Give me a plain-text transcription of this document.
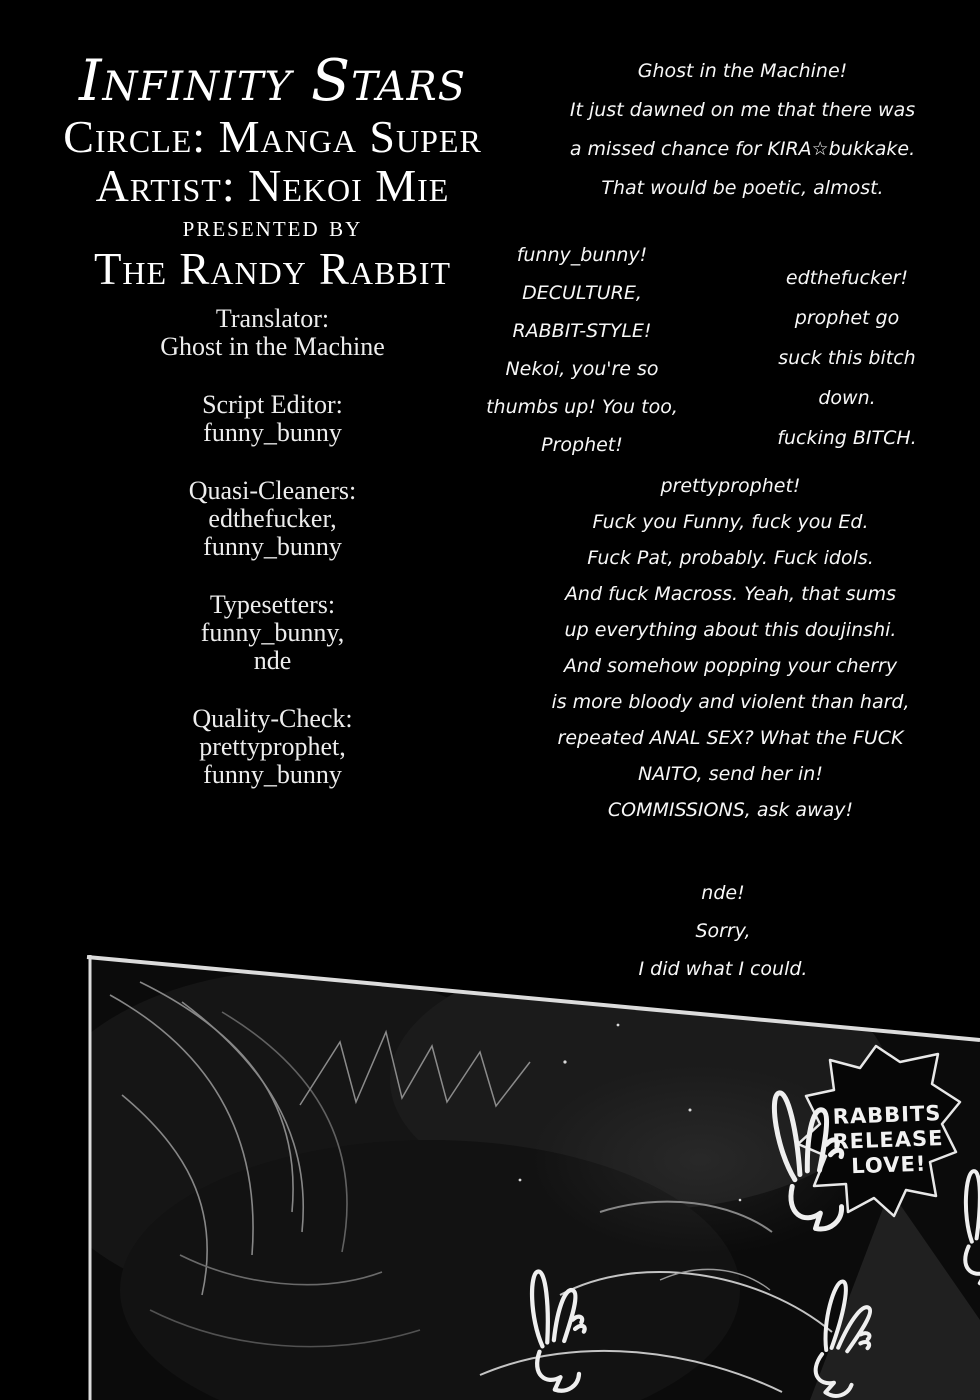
Infinity Stars
Circle: Manga Super
Artist: Nekoi Mie
presented by
The Randy Rabbit
Translator:
Ghost in the Machine
Script Editor:
funny_bunny
Quasi-Cleaners:
edthefucker,
funny_bunny
Typesetters:
funny_bunny,
nde
Quality-Check:
prettyprophet,
funny_bunny
Ghost in the Machine!
It just dawned on me that there was
a missed chance for KIRA☆bukkake.
That would be poetic, almost.
funny_bunny!
DECULTURE,
RABBIT-STYLE!
Nekoi, you're so
thumbs up! You too,
Prophet!
edthefucker!
prophet go
suck this bitch
down.
fucking BITCH.
prettyprophet!
Fuck you Funny, fuck you Ed.
Fuck Pat, probably. Fuck idols.
And fuck Macross. Yeah, that sums
up everything about this doujinshi.
And somehow popping your cherry
is more bloody and violent than hard,
repeated ANAL SEX? What the FUCK
NAITO, send her in!
COMMISSIONS, ask away!
nde!
Sorry,
I did what I could.
RABBITS
RELEASE
LOVE!
